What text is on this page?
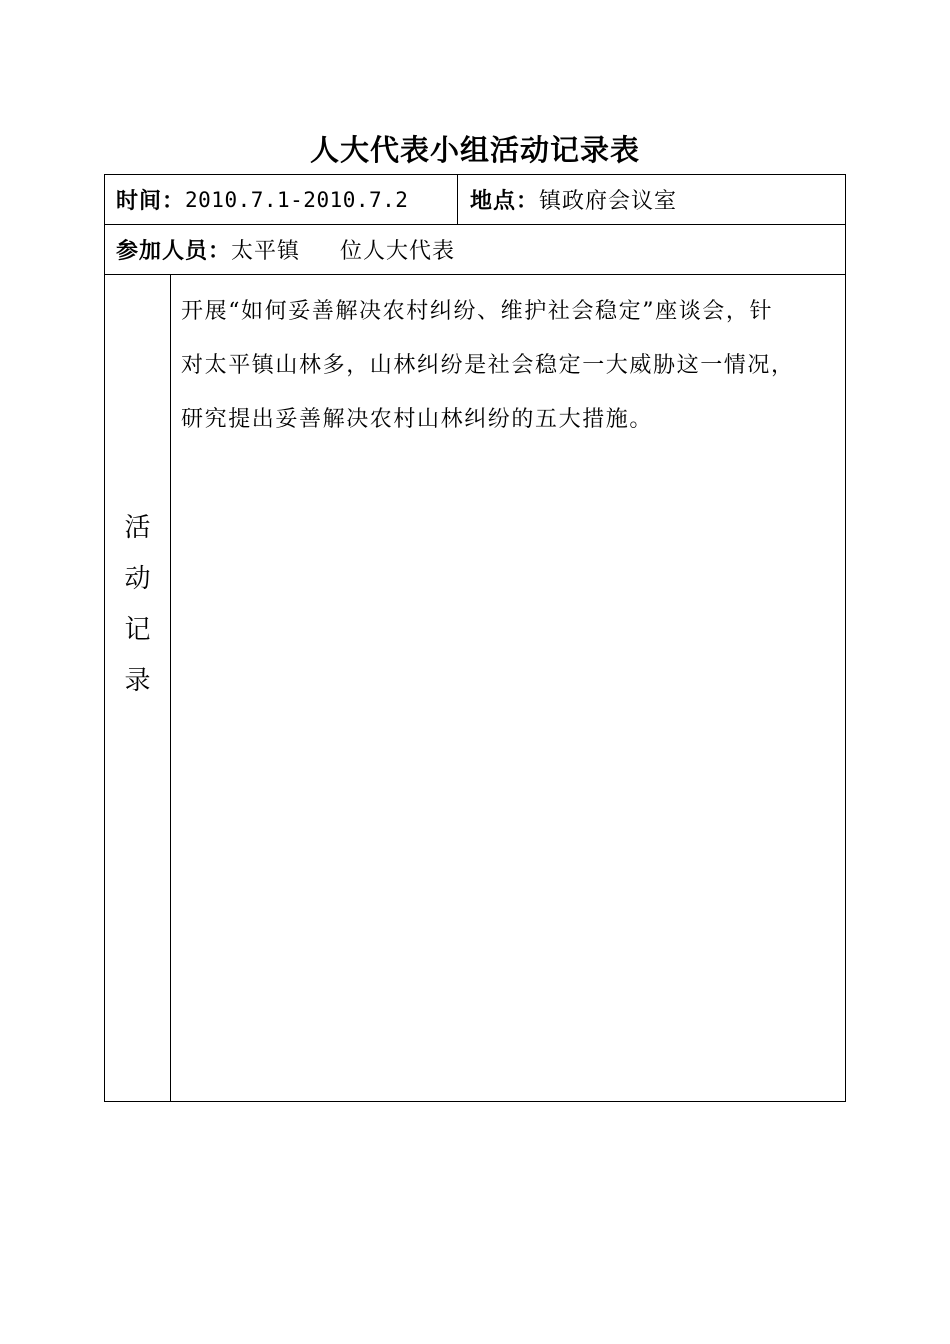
人大代表小组活动记录表
时间： 2010.7.1-2010.7.2	地点： 镇政府会议室
参加人员： 太平镇 位人大代表
活
动
记
录
开展“如何妥善解决农村纠纷、维护社会稳定”座谈会，针
对太平镇山林多，山林纠纷是社会稳定一大威胁这一情况，
研究提出妥善解决农村山林纠纷的五大措施。
